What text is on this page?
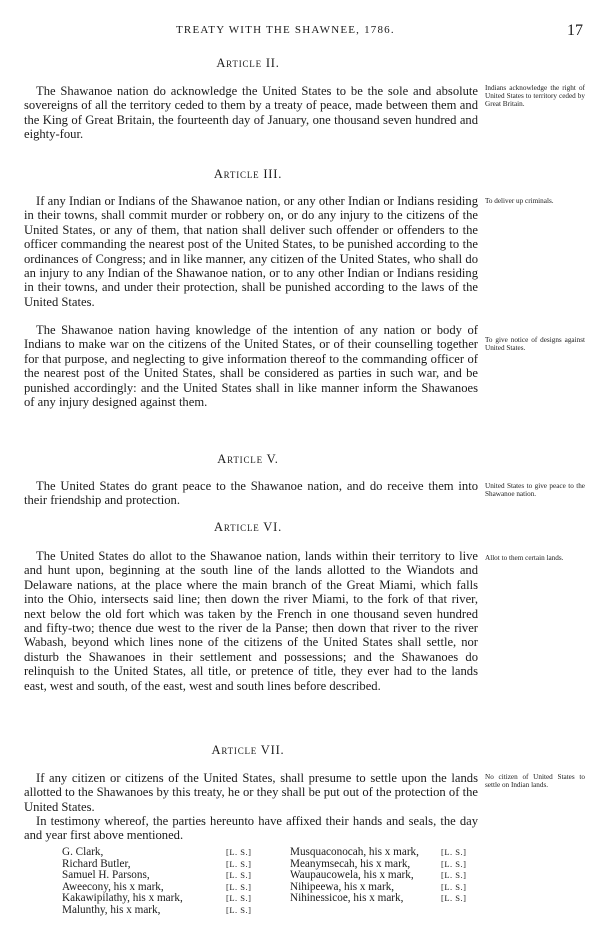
TREATY WITH THE SHAWNEE, 1786.	17
Article II.

The Shawanoe nation do acknowledge the United States to be the sole and absolute sovereigns of all the territory ceded to them by a treaty of peace, made between them and the King of Great Britain, the fourteenth day of January, one thousand seven hundred and eighty-four.

Indians acknowledge the right of United States to territory ceded by Great Britain.
Article III.

If any Indian or Indians of the Shawanoe nation, or any other Indian or Indians residing in their towns, shall commit murder or robbery on, or do any injury to the citizens of the United States, or any of them, that nation shall deliver such offender or offenders to the officer commanding the nearest post of the United States, to be punished according to the ordinances of Congress; and in like manner, any citizen of the United States, who shall do an injury to any Indian of the Shawanoe nation, or to any other Indian or Indians residing in their towns, and under their protection, shall be punished according to the laws of the United States.

To deliver up criminals.

The Shawanoe nation having knowledge of the intention of any nation or body of Indians to make war on the citizens of the United States, or of their counselling together for that purpose, and neglecting to give information thereof to the commanding officer of the nearest post of the United States, shall be considered as parties in such war, and be punished accordingly: and the United States shall in like manner inform the Shawanoes of any injury designed against them.

To give notice of designs against United States.
Article V.

The United States do grant peace to the Shawanoe nation, and do receive them into their friendship and protection.

United States to give peace to the Shawanoe nation.
Article VI.

The United States do allot to the Shawanoe nation, lands within their territory to live and hunt upon, beginning at the south line of the lands allotted to the Wiandots and Delaware nations, at the place where the main branch of the Great Miami, which falls into the Ohio, intersects said line; then down the river Miami, to the fork of that river, next below the old fort which was taken by the French in one thousand seven hundred and fifty-two; thence due west to the river de la Panse; then down that river to the river Wabash, beyond which lines none of the citizens of the United States shall settle, nor disturb the Shawanoes in their settlement and possessions; and the Shawanoes do relinquish to the United States, all title, or pretence of title, they ever had to the lands east, west and south, of the east, west and south lines before described.

Allot to them certain lands.
Article VII.

If any citizen or citizens of the United States, shall presume to settle upon the lands allotted to the Shawanoes by this treaty, he or they shall be put out of the protection of the United States.

No citizen of United States to settle on Indian lands.

In testimony whereof, the parties hereunto have affixed their hands and seals, the day and year first above mentioned.

G. Clark,
Richard Butler,
Samuel H. Parsons,
Aweecony, his x mark,
Kakawipilathy, his x mark,
Malunthy, his x mark,
[L. S.]
[L. S.]
[L. S.]
[L. S.]
[L. S.]
[L. S.]
Musquaconocah, his x mark,
Meanymsecah, his x mark,
Waupaucowela, his x mark,
Nihipeewa, his x mark,
Nihinessicoe, his x mark,
[L. S.]
[L. S.]
[L. S.]
[L. S.]
[L. S.]
